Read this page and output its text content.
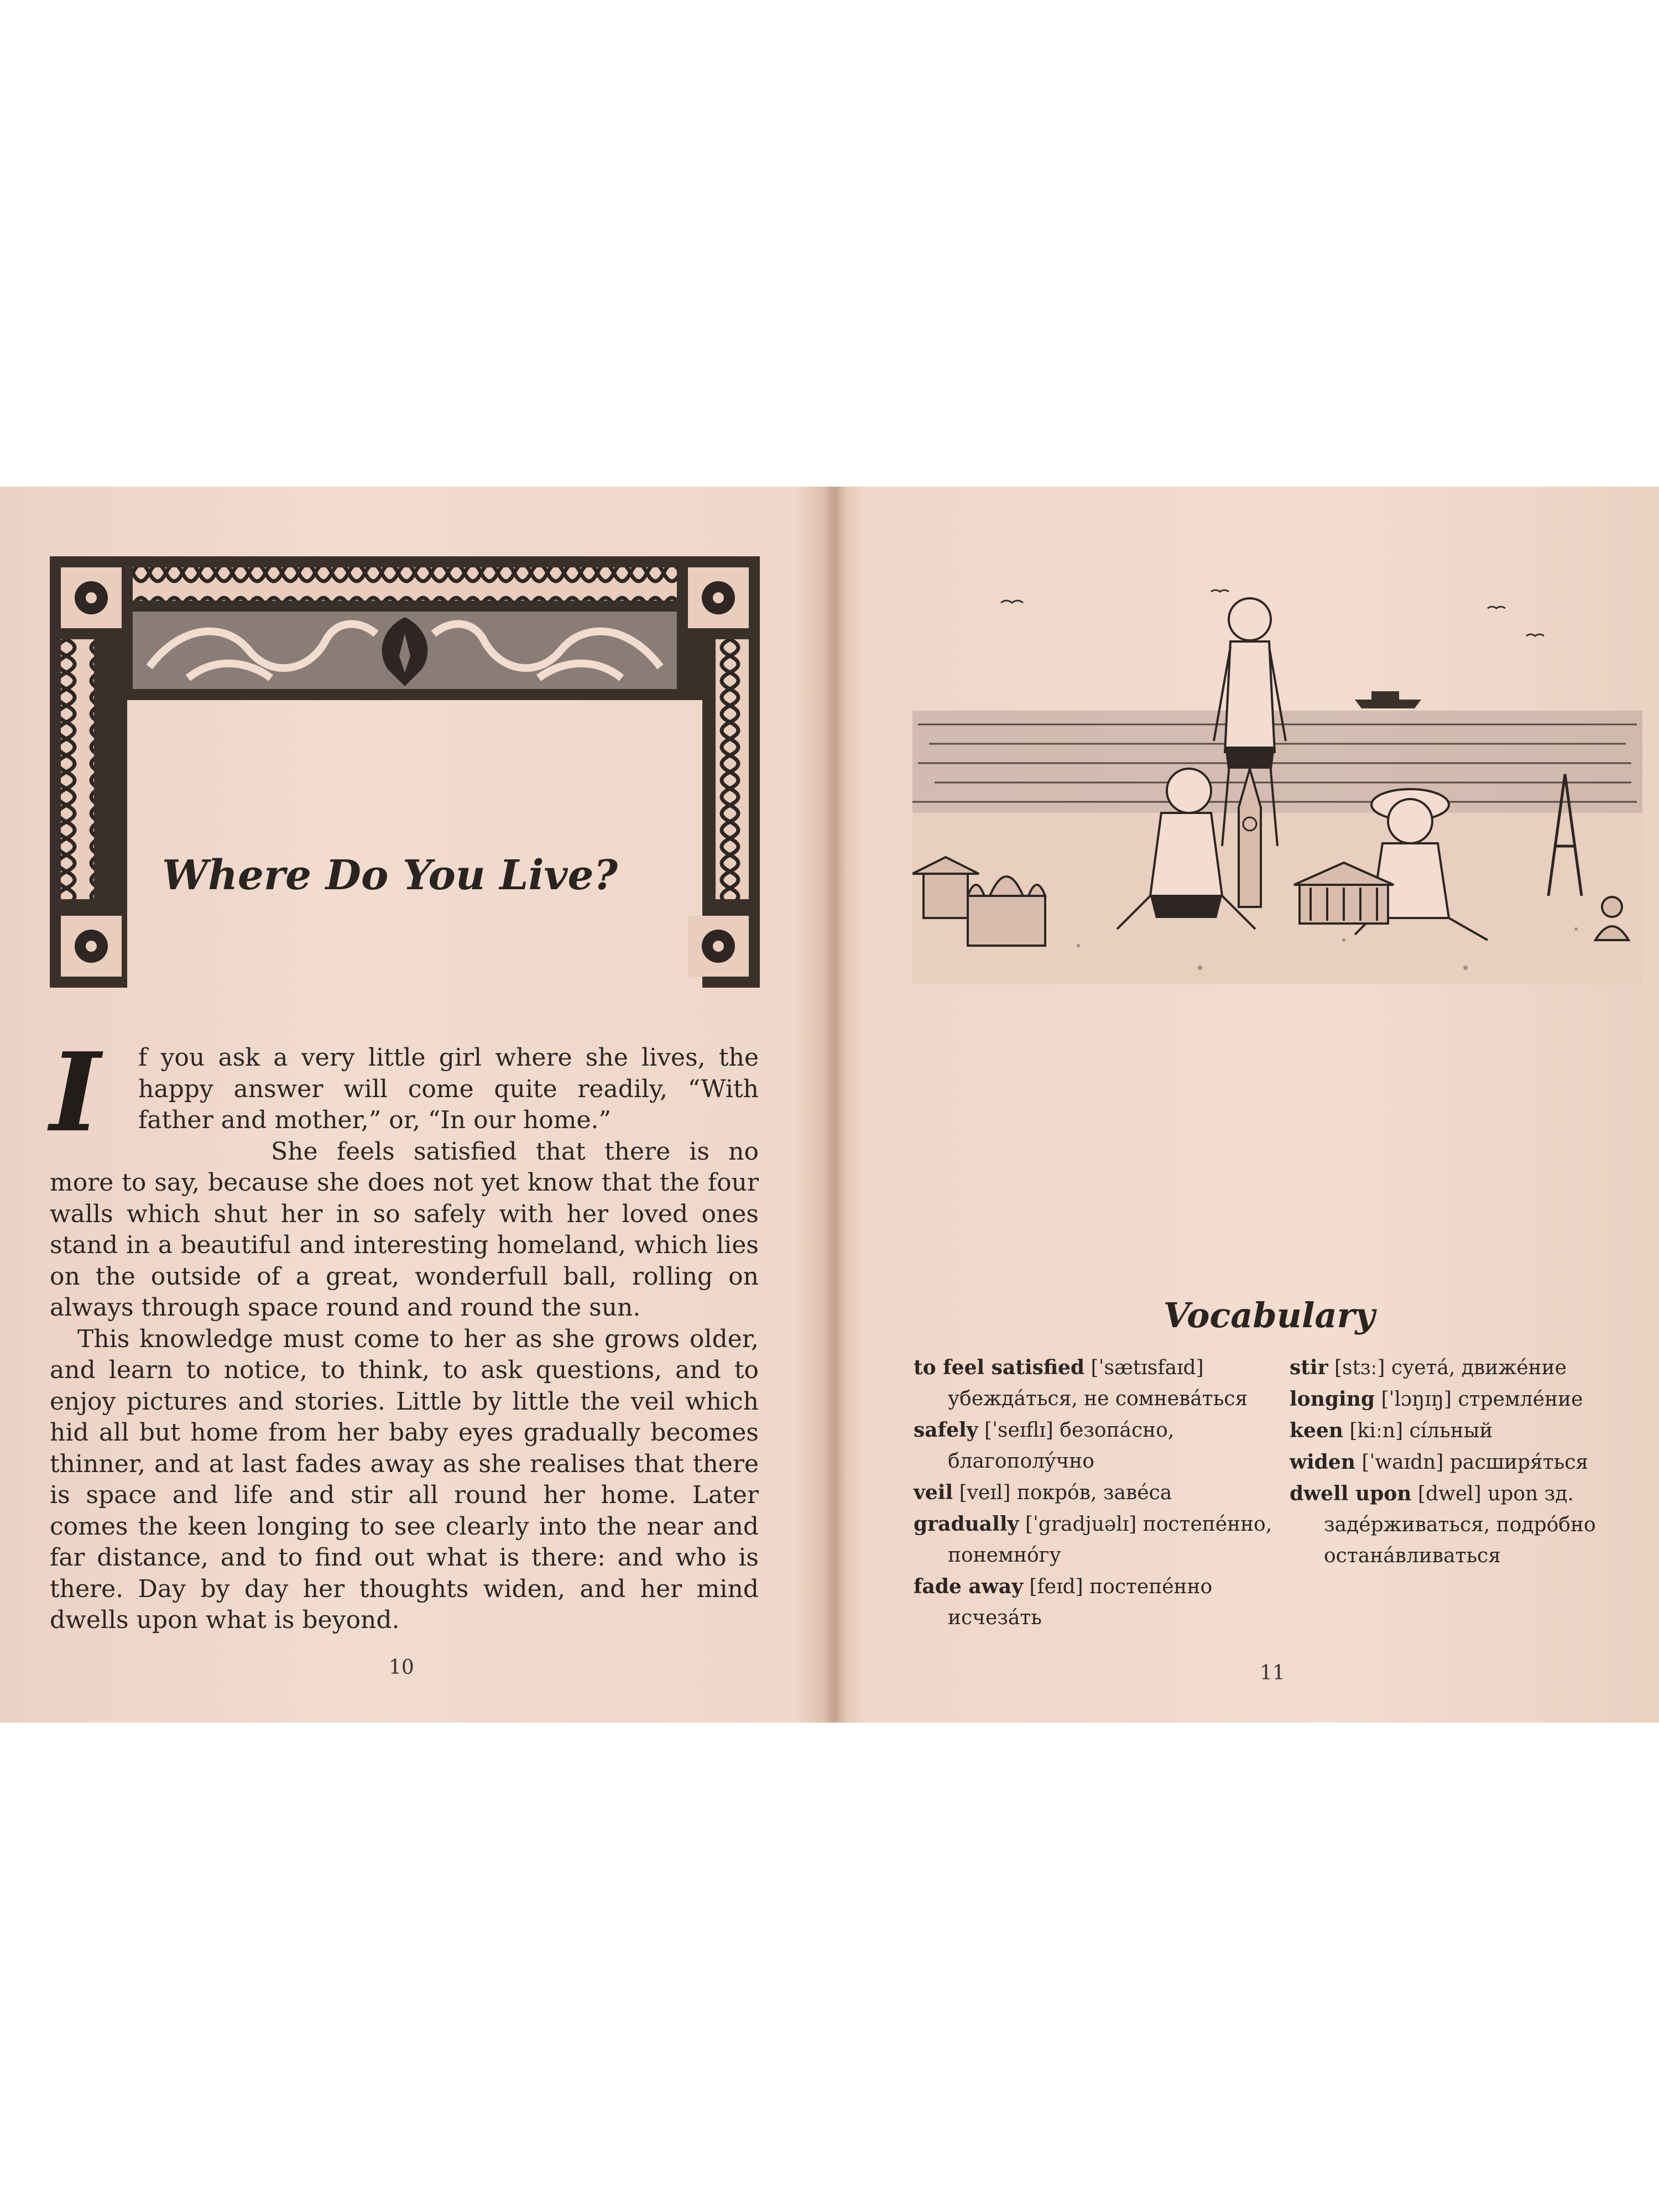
Where Do You Live?

I	f you ask a very little girl where she lives, the happy answer will come quite readily, “With father and mother,” or, “In our home.”

She feels satisfied that there is no more to say, because she does not yet know that the four walls which shut her in so safely with her loved ones stand in a beautiful and interesting homeland, which lies on the outside of a great, wonderfull ball, rolling on always through space round and round the sun.

This knowledge must come to her as she grows older, and learn to notice, to think, to ask questions, and to enjoy pictures and stories. Little by little the veil which hid all but home from her baby eyes gradually becomes thinner, and at last fades away as she realises that there is space and life and stir all round her home. Later comes the keen longing to see clearly into the near and far distance, and to find out what is there: and who is there. Day by day her thoughts widen, and her mind dwells upon what is beyond.

10
Vocabulary
to feel satisfied [ˈsætɪsfaɪd] убеждáться, не сомневáться
safely [ˈseɪflɪ] безопáсно, благополýчно
veil [veɪl] покрóв, завéса
gradually [ˈgradjuəlɪ] постепéнно, понемнóгу
fade away [feɪd] постепéнно исчезáть
stir [stɜː] суетá, движéние
longing [ˈlɔŋɪŋ] стремлéние
keen [kiːn] сíльный
widen [ˈwaɪdn] расширя́ться
dwell upon [dwel] upon зд. задéрживаться, подрóбно останáвливаться
11
